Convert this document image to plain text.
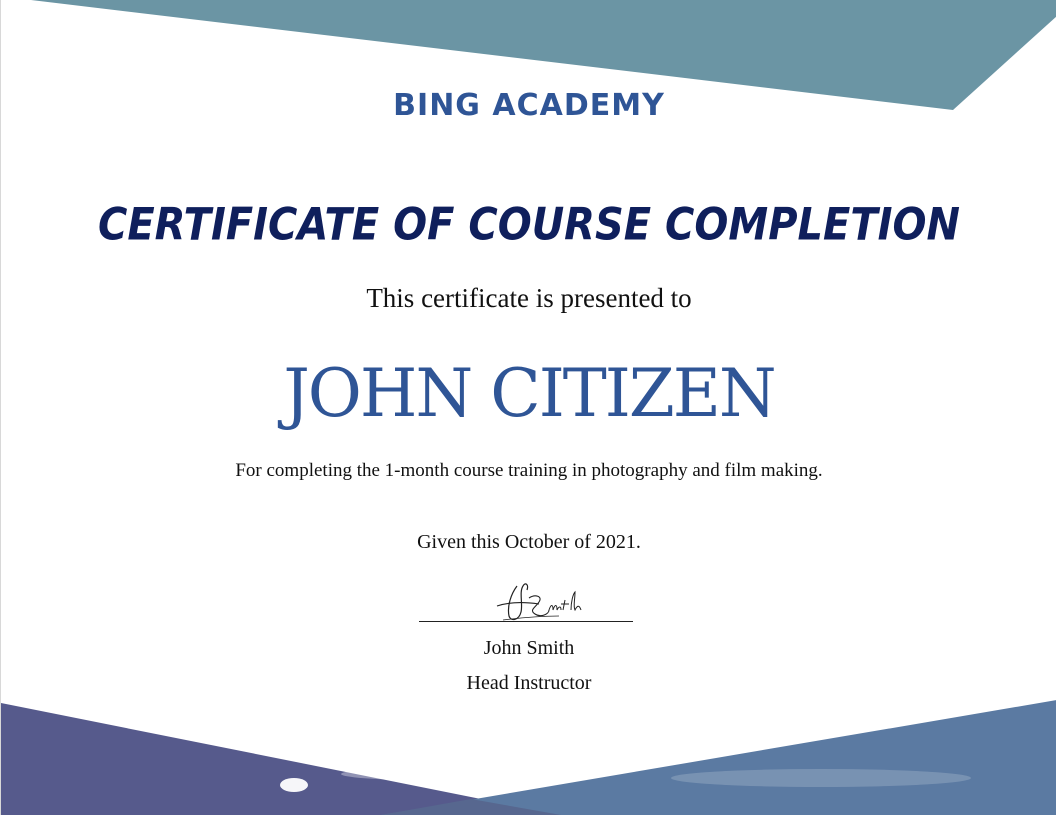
BING ACADEMY
CERTIFICATE OF COURSE COMPLETION
This certificate is presented to
JOHN CITIZEN
For completing the 1-month course training in photography and film making.
Given this October of 2021.
John Smith
Head Instructor
